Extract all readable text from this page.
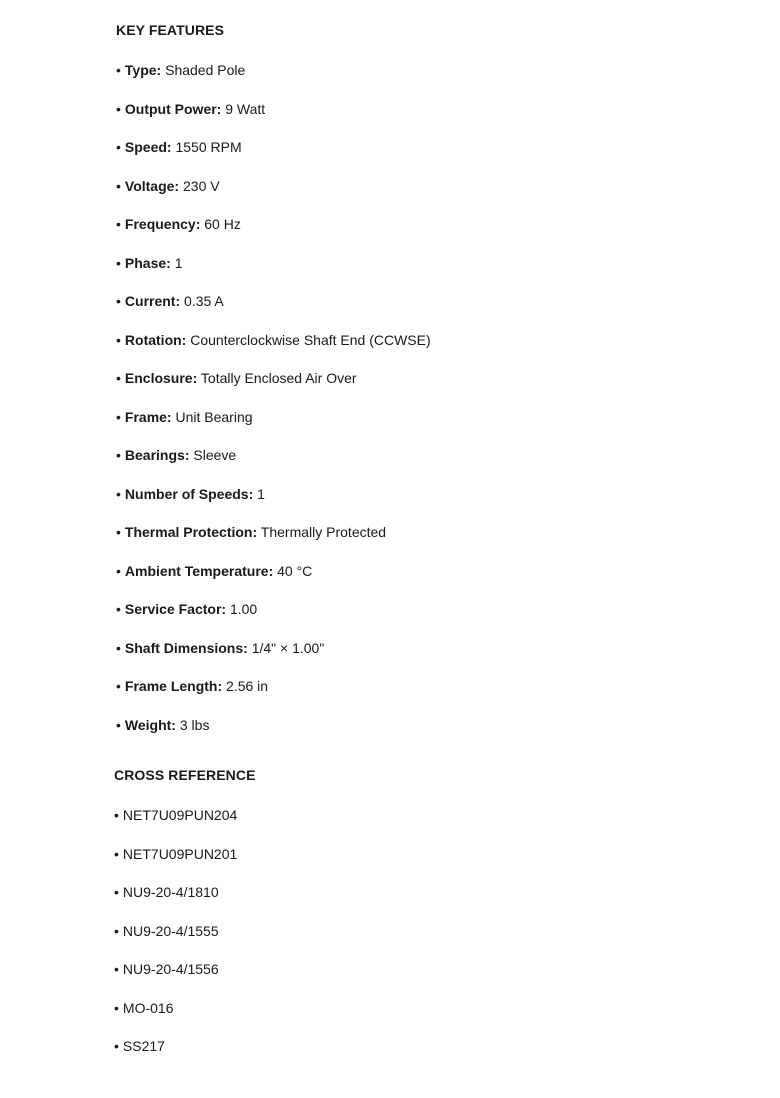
KEY FEATURES
• Type: Shaded Pole
• Output Power: 9 Watt
• Speed: 1550 RPM
• Voltage: 230 V
• Frequency: 60 Hz
• Phase: 1
• Current: 0.35 A
• Rotation: Counterclockwise Shaft End (CCWSE)
• Enclosure: Totally Enclosed Air Over
• Frame: Unit Bearing
• Bearings: Sleeve
• Number of Speeds: 1
• Thermal Protection: Thermally Protected
• Ambient Temperature: 40 °C
• Service Factor: 1.00
• Shaft Dimensions: 1/4" × 1.00"
• Frame Length: 2.56 in
• Weight: 3 lbs
CROSS REFERENCE
• NET7U09PUN204
• NET7U09PUN201
• NU9-20-4/1810
• NU9-20-4/1555
• NU9-20-4/1556
• MO-016
• SS217
